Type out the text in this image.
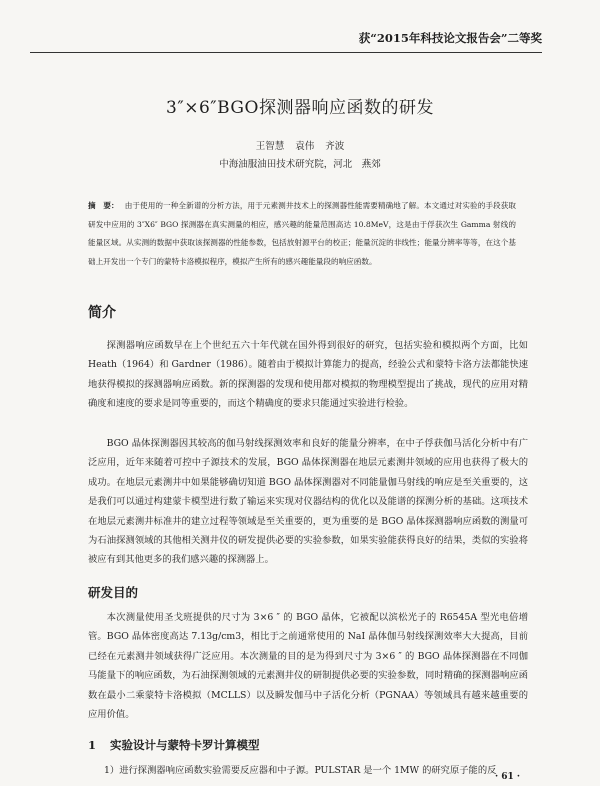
获“2015年科技论文报告会”二等奖
3″×6″BGO探测器响应函数的研发
王智慧 袁伟 齐波
中海油服油田技术研究院，河北　燕郊
摘　要： 由于使用的一种全新谱的分析方法，用于元素测井技术上的探测器性能需要精确地了解。本文通过对实验的手段获取研发中应用的 3″X6″ BGO 探测器在真实测量的相应，感兴趣的能量范围高达 10.8MeV，这是由于俘获次生 Gamma 射线的能量区域。从实测的数据中获取该探测器的性能参数，包括放射源平台的校正；能量沉淀的非线性；能量分辨率等等，在这个基础上开发出一个专门的蒙特卡洛模拟程序，模拟产生所有的感兴趣能量段的响应函数。
简介
探测器响应函数早在上个世纪五六十年代就在国外得到很好的研究，包括实验和模拟两个方面，比如 Heath（1964）和 Gardner（1986）。随着由于模拟计算能力的提高，经验公式和蒙特卡洛方法都能快速地获得模拟的探测器响应函数。新的探测器的发现和使用都对模拟的物理模型提出了挑战，现代的应用对精确度和速度的要求是同等重要的，而这个精确度的要求只能通过实验进行检验。
BGO 晶体探测器因其较高的伽马射线探测效率和良好的能量分辨率，在中子俘获伽马活化分析中有广泛应用，近年来随着可控中子源技术的发展，BGO 晶体探测器在地层元素测井领域的应用也获得了极大的成功。在地层元素测井中如果能够确切知道 BGO 晶体探测器对不同能量伽马射线的响应是至关重要的，这是我们可以通过构建蒙卡模型进行数了输运来实现对仪器结构的优化以及能谱的探测分析的基础。这项技术在地层元素测井标准井的建立过程等领域是至关重要的，更为重要的是 BGO 晶体探测器响应函数的测量可为石油探测领域的其他相关测井仪的研发提供必要的实验参数，如果实验能获得良好的结果，类似的实验将被应有到其他更多的我们感兴趣的探测器上。
研发目的
本次测量使用圣戈班提供的尺寸为 3×6 ″ 的 BGO 晶体，它被配以滨松光子的 R6545A 型光电倍增管。BGO 晶体密度高达 7.13g/cm3，相比于之前通常使用的 NaI 晶体伽马射线探测效率大大提高，目前已经在元素测井领域获得广泛应用。本次测量的目的是为得到尺寸为 3×6 ″ 的 BGO 晶体探测器在不同伽马能量下的响应函数，为石油探测领域的元素测井仪的研制提供必要的实验参数，同时精确的探测器响应函数在最小二乘蒙特卡洛模拟（MCLLS）以及瞬发伽马中子活化分析（PGNAA）等领域具有越来越重要的应用价值。
1 实验设计与蒙特卡罗计算模型
1）进行探测器响应函数实验需要反应器和中子源。PULSTAR 是一个 1MW 的研究原子能的反
· 61 ·
